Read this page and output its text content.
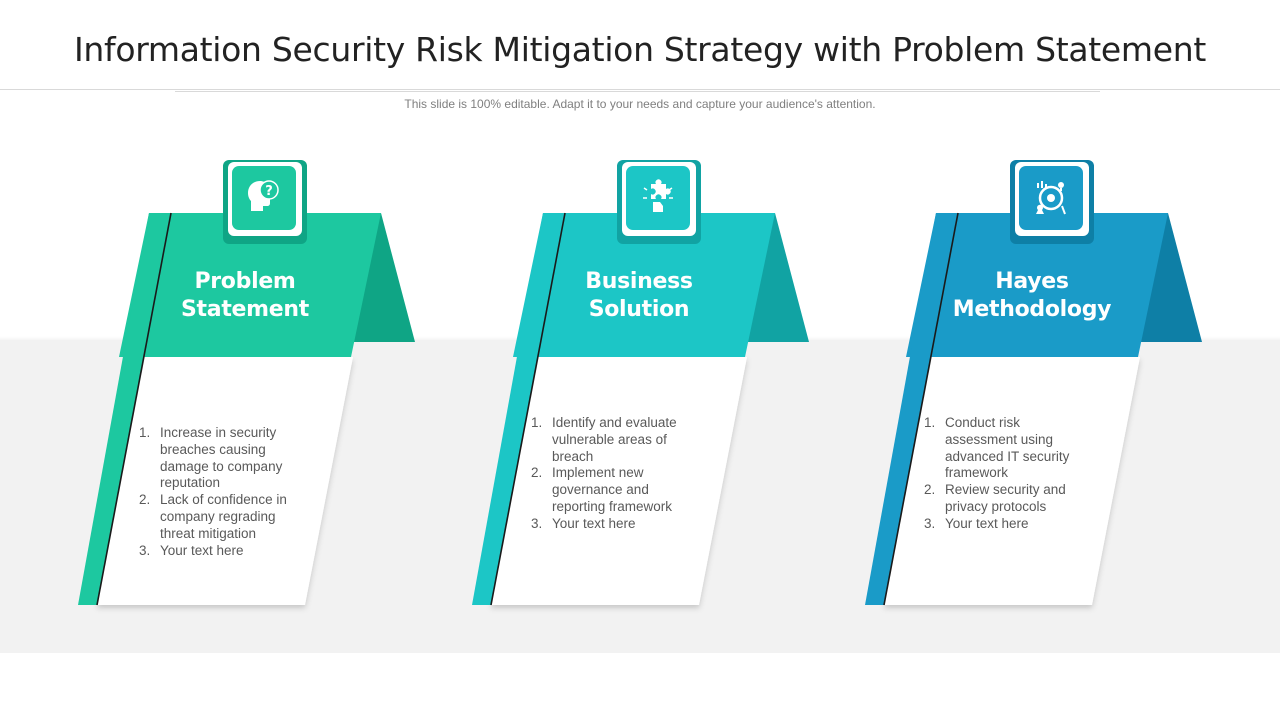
Information Security Risk Mitigation Strategy with Problem Statement
This slide is 100% editable. Adapt it to your needs and capture your audience's attention.
?
Problem
Statement
1. Increase in security breaches causing damage to company reputation
2. Lack of confidence in company regrading threat mitigation
3. Your text here
Business
Solution
1. Identify and evaluate vulnerable areas of breach
2. Implement new governance and reporting framework
3. Your text here
Hayes
Methodology
1. Conduct risk assessment using advanced IT security framework
2. Review security and privacy protocols
3. Your text here
